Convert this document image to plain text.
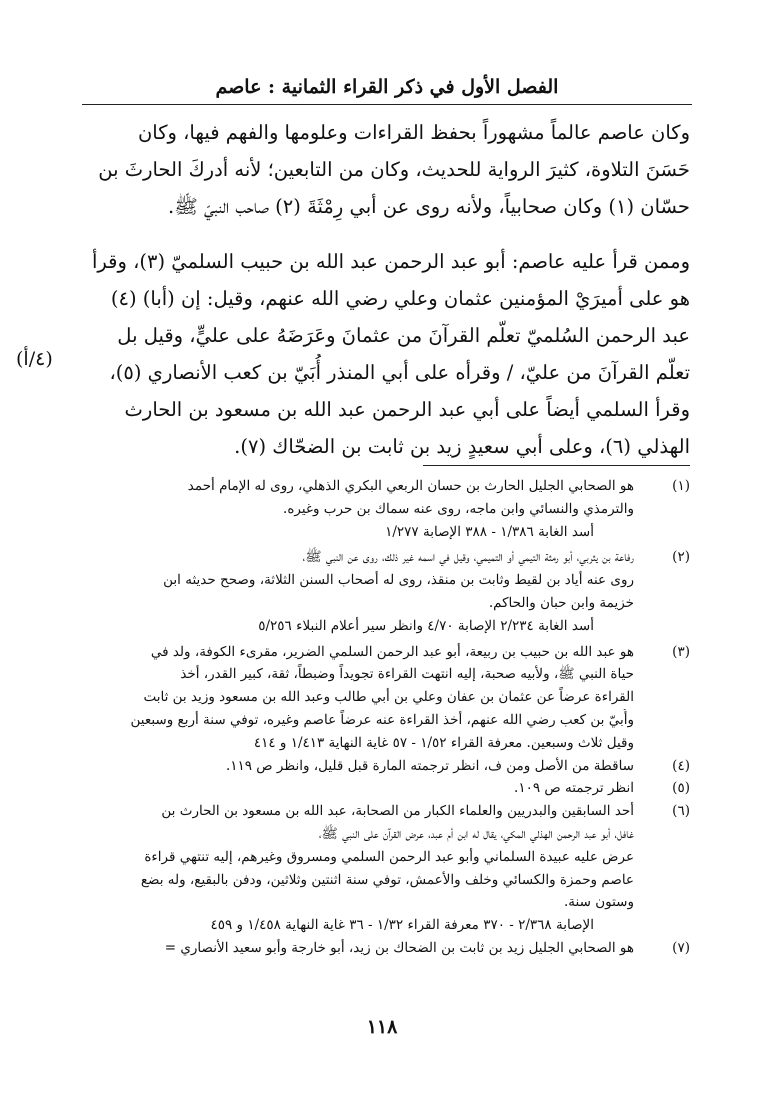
الفصل الأول في ذكر القراء الثمانية : عاصم
(٤/أ)

وكان عاصم عالماً مشهوراً بحفظ القراءات وعلومها والفهم فيها، وكان
حَسَنَ التلاوة، كثيرَ الرواية للحديث، وكان من التابعين؛ لأنه أدركَ الحارثَ بن
حسّان (١) وكان صحابياً، ولأنه روى عن أبي رِمْثَةَ (٢) صاحب النبيّ ﷺ.

وممن قرأ عليه عاصم: أبو عبد الرحمن عبد الله بن حبيب السلميّ (٣)، وقرأ
هو على أميرَيْ المؤمنين عثمان وعلي رضي الله عنهم، وقيل: إن (أبا) (٤)
عبد الرحمن السُلميّ تعلّم القرآنَ من عثمانَ وعَرَضَهُ على عليٍّ، وقيل بل
تعلّم القرآنَ من عليّ، / وقرأه على أبي المنذر أُبَيّ بن كعب الأنصاري (٥)،
وقرأ السلمي أيضاً على أبي عبد الرحمن عبد الله بن مسعود بن الحارث
الهذلي (٦)، وعلى أبي سعيدٍ زيد بن ثابت بن الضحّاك (٧).

(١)
هو الصحابي الجليل الحارث بن حسان الربعي البكري الذهلي، روى له الإمام أحمد
والترمذي والنسائي وابن ماجه، روى عنه سماك بن حرب وغيره.
أسد الغابة ١/٣٨٦ - ٣٨٨ الإصابة ١/٢٧٧
(٢)
رفاعة بن يثربي، أبو رمثة التيمي أو التميمي، وقيل في اسمه غير ذلك، روى عن النبي ﷺ،
روى عنه أياد بن لقيط وثابت بن منقذ، روى له أصحاب السنن الثلاثة، وصحح حديثه ابن
خزيمة وابن حبان والحاكم.
أسد الغابة ٢/٢٣٤ الإصابة ٤/٧٠ وانظر سير أعلام النبلاء ٥/٢٥٦
(٣)
هو عبد الله بن حبيب بن ربيعة، أبو عبد الرحمن السلمي الضرير، مقرىء الكوفة، ولد في
حياة النبي ﷺ، ولأبيه صحبة، إليه انتهت القراءة تجويداً وضبطاً، ثقة، كبير القدر، أخذ
القراءة عرضاً عن عثمان بن عفان وعلي بن أبي طالب وعبد الله بن مسعود وزيد بن ثابت
وأُبيّ بن كعب رضي الله عنهم، أخذ القراءة عنه عرضاً عاصم وغيره، توفي سنة أربع وسبعين
وقيل ثلاث وسبعين. معرفة القراء ١/٥٢ - ٥٧ غاية النهاية ١/٤١٣ و ٤١٤
(٤)
ساقطة من الأصل ومن ف، انظر ترجمته المارة قبل قليل، وانظر ص ١١٩.
(٥)
انظر ترجمته ص ١٠٩.
(٦)
أحد السابقين والبدريين والعلماء الكبار من الصحابة، عبد الله بن مسعود بن الحارث بن
غافل، أبو عبد الرحمن الهذلي المكي، يقال له ابن أم عبد، عرض القرآن على النبي ﷺ،
عرض عليه عبيدة السلماني وأبو عبد الرحمن السلمي ومسروق وغيرهم، إليه تنتهي قراءة
عاصم وحمزة والكسائي وخلف والأعمش، توفي سنة اثنتين وثلاثين، ودفن بالبقيع، وله بضع
وستون سنة.
الإصابة ٢/٣٦٨ - ٣٧٠ معرفة القراء ١/٣٢ - ٣٦ غاية النهاية ١/٤٥٨ و ٤٥٩
(٧)
هو الصحابي الجليل زيد بن ثابت بن الضحاك بن زيد، أبو خارجة وأبو سعيد الأنصاري =
١١٨
